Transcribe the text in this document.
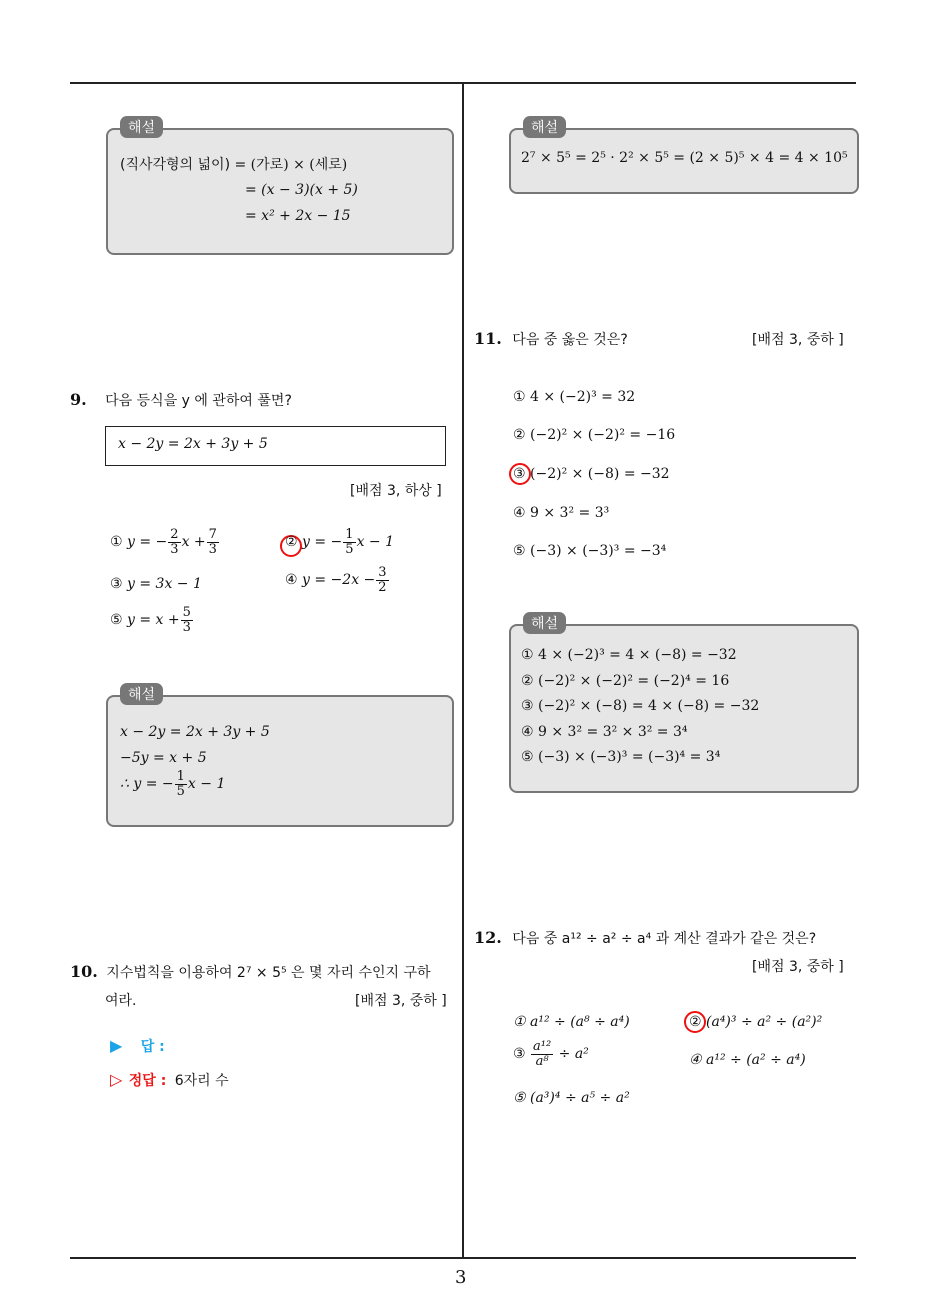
3
해설
(직사각형의 넓이) = (가로) × (세로)
= (x − 3)(x + 5)
= x² + 2x − 15
해설
2⁷ × 5⁵ = 2⁵ · 2² × 5⁵ = (2 × 5)⁵ × 4 = 4 × 10⁵
9. 다음 등식을 y 에 관하여 풀면?
x − 2y = 2x + 3y + 5
[배점 3, 하상 ]
① y = − $\frac{2}{3}$ $x + \frac{7}{3}$	② y = − $\frac{1}{5}$ x − 1
③ y = 3x − 1	④ $y = -2x - \frac{3}{2}$
⑤ $y = x + \frac{5}{3}$
해설
x − 2y = 2x + 3y + 5
−5y = x + 5
∴ y = − $\frac{1}{5}$ x − 1
10. 지수법칙을 이용하여 2⁷ × 5⁵ 은 몇 자리 수인지 구하
여라.	[배점 3, 중하 ]
▶ 답 :
▷ 정답 : 6자리 수
11. 다음 중 옳은 것은?	[배점 3, 중하 ]
① 4 × (−2)³ = 32
② (−2)² × (−2)² = −16
③ (−2)² × (−8) = −32
④ 9 × 3² = 3³
⑤ (−3) × (−3)³ = −3⁴
해설
① 4 × (−2)³ = 4 × (−8) = −32
② (−2)² × (−2)² = (−2)⁴ = 16
③ (−2)² × (−8) = 4 × (−8) = −32
④ 9 × 3² = 3² × 3² = 3⁴
⑤ (−3) × (−3)³ = (−3)⁴ = 3⁴
12. 다음 중 a¹² ÷ a² ÷ a⁴ 과 계산 결과가 같은 것은?
[배점 3, 중하 ]
① a¹² ÷ (a⁸ ÷ a⁴)	② (a⁴)³ ÷ a² ÷ (a²)²
③ $\frac{\text{a¹²}}{\text{a⁸}} \div a^2$	④ a¹² ÷ (a² ÷ a⁴)
⑤ (a³)⁴ ÷ a⁵ ÷ a²
